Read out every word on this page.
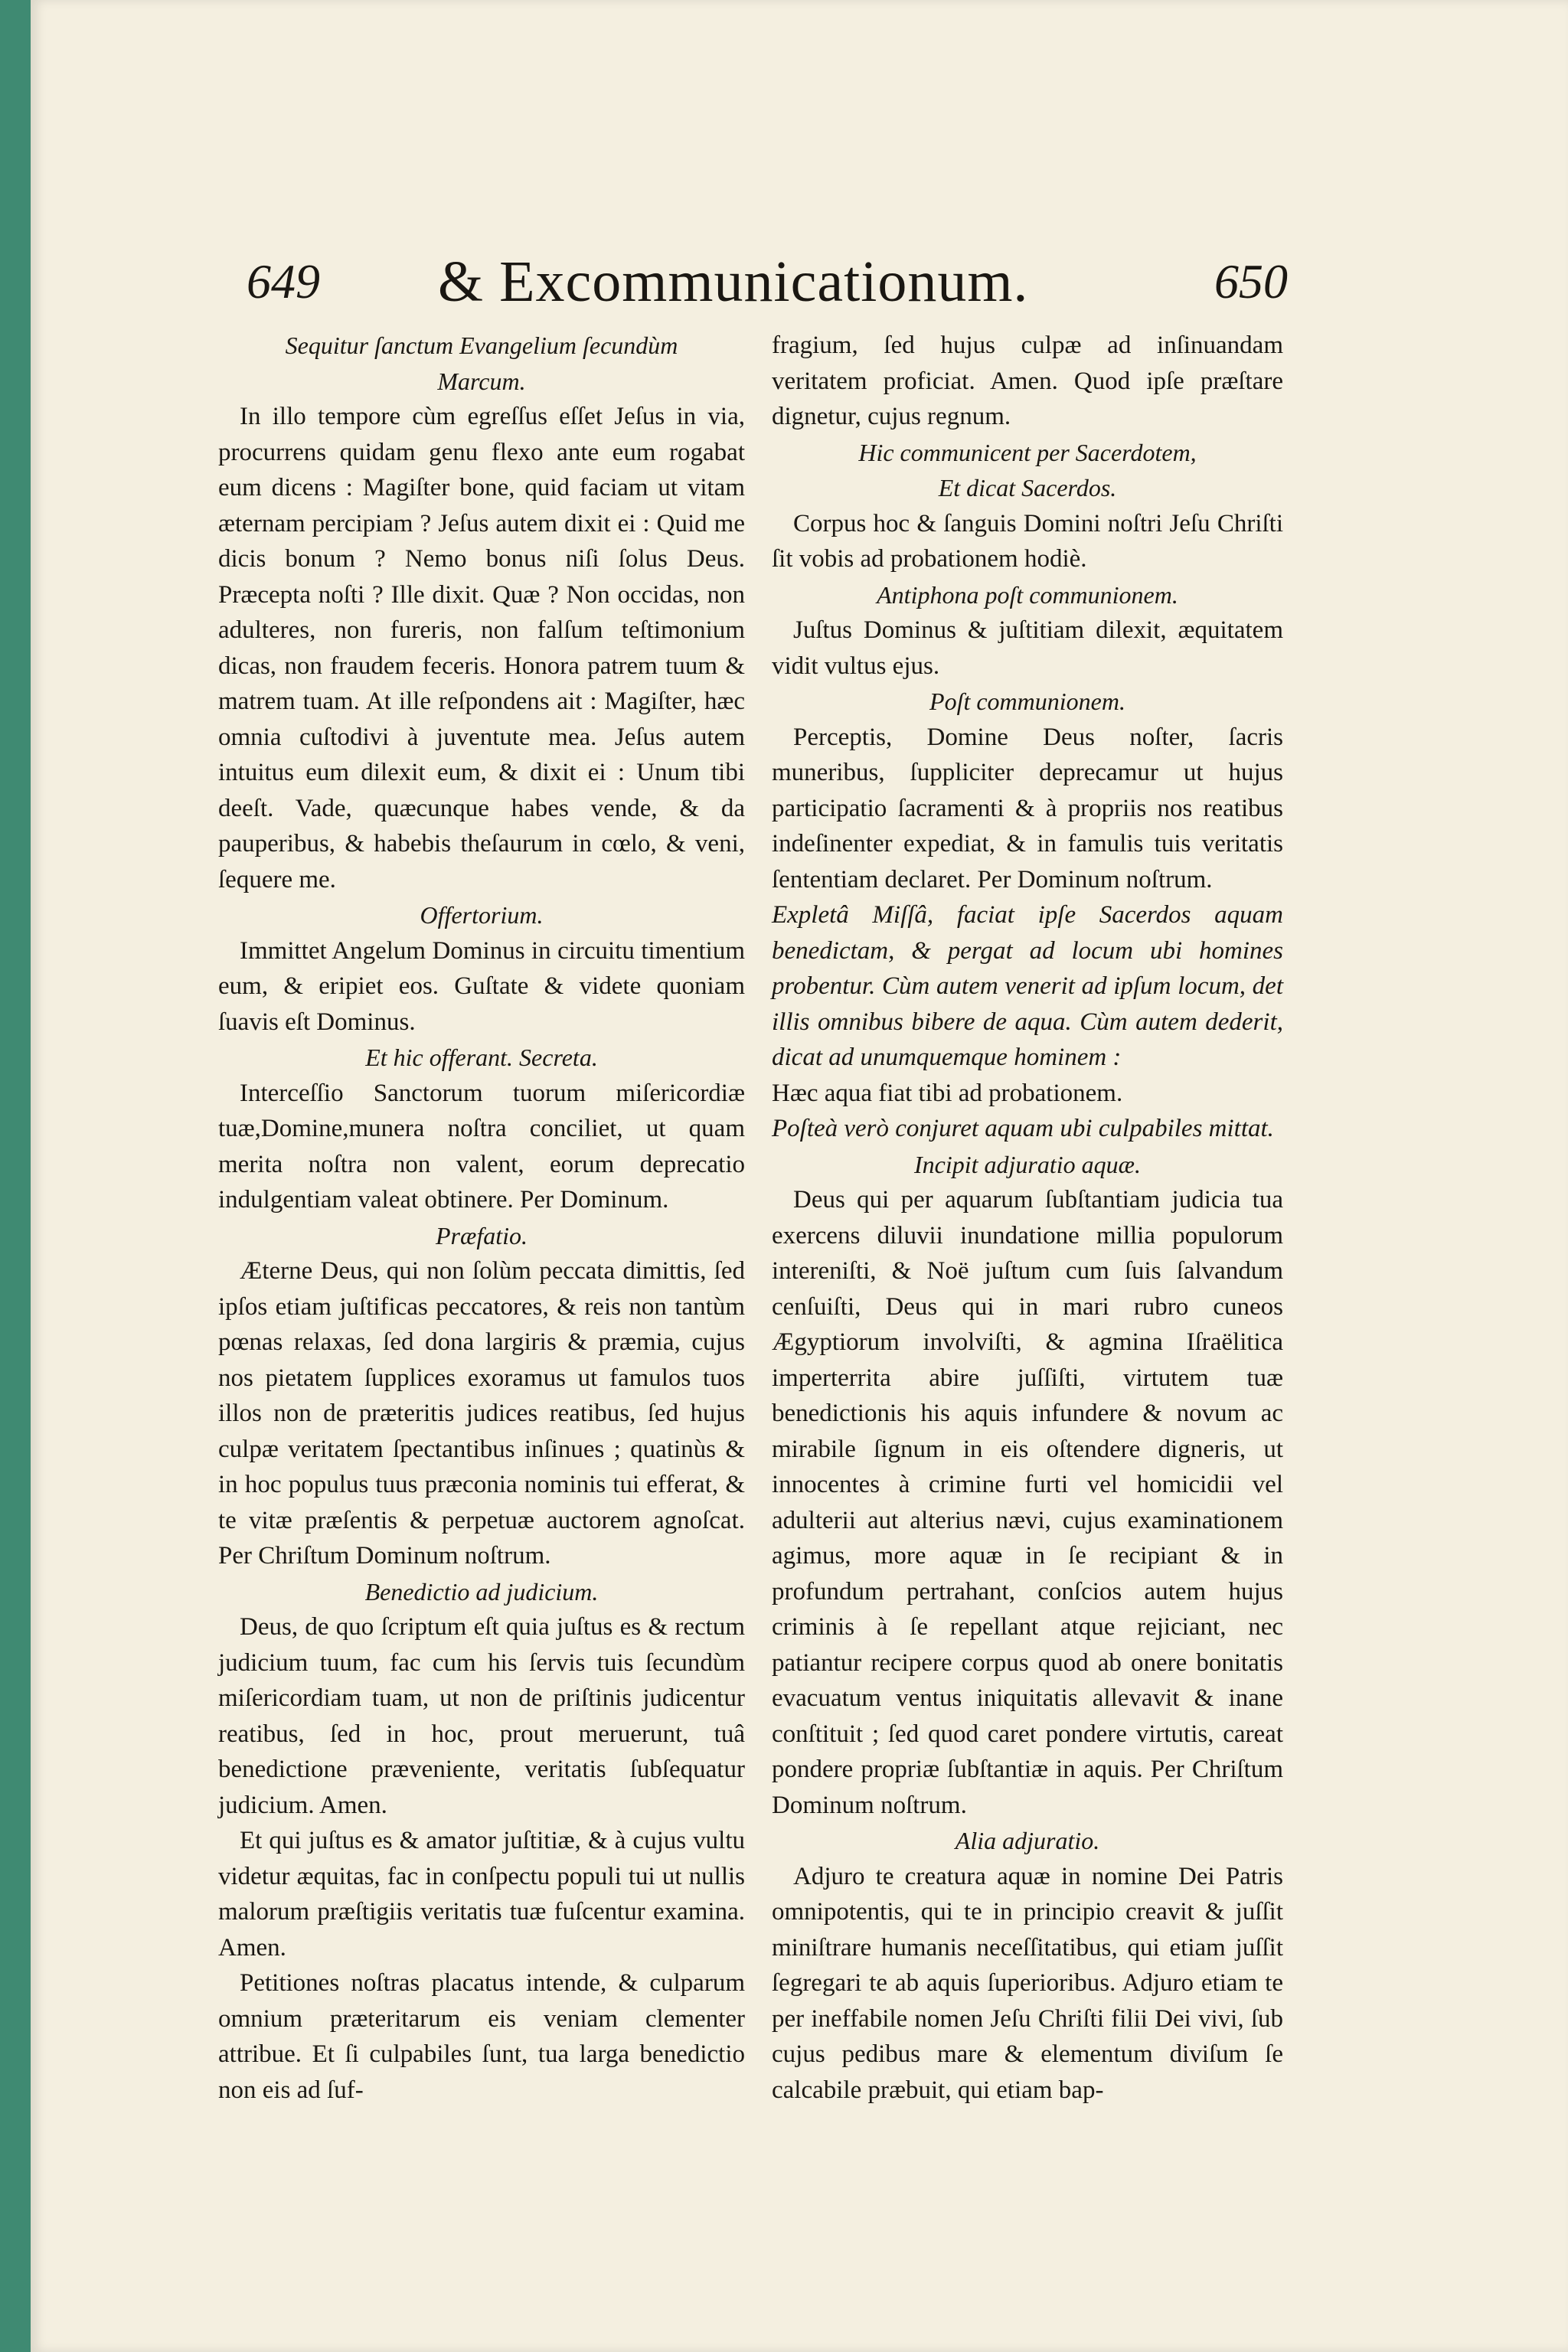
649 & Excommunicationum.	650
Sequitur ſanctum Evangelium ſecundùm
Marcum.

In illo tempore cùm egreſſus eſſet Jeſus in via, procurrens quidam genu flexo ante eum rogabat eum dicens : Magiſter bone, quid faciam ut vitam æternam percipiam ? Jeſus autem dixit ei : Quid me dicis bonum ? Nemo bonus niſi ſolus Deus. Præcepta noſti ? Ille dixit. Quæ ? Non occidas, non adulteres, non fureris, non falſum teſtimonium dicas, non fraudem feceris. Honora patrem tuum & matrem tuam. At ille reſpondens ait : Magiſter, hæc omnia cuſtodivi à juventute mea. Jeſus autem intuitus eum dilexit eum, & dixit ei : Unum tibi deeſt. Vade, quæcunque habes vende, & da pauperibus, & habebis theſaurum in cœlo, & veni, ſequere me.

Offertorium.

Immittet Angelum Dominus in circuitu timentium eum, & eripiet eos. Guſtate & videte quoniam ſuavis eſt Dominus.

Et hic offerant. Secreta.

Interceſſio Sanctorum tuorum miſericordiæ tuæ,Domine,munera noſtra conciliet, ut quam merita noſtra non valent, eorum deprecatio indulgentiam valeat obtinere. Per Dominum.

Præfatio.

Æterne Deus, qui non ſolùm peccata dimittis, ſed ipſos etiam juſtificas peccatores, & reis non tantùm pœnas relaxas, ſed dona largiris & præmia, cujus nos pietatem ſupplices exoramus ut famulos tuos illos non de præteritis judices reatibus, ſed hujus culpæ veritatem ſpectantibus inſinues ; quatinùs & in hoc populus tuus præconia nominis tui efferat, & te vitæ præſentis & perpetuæ auctorem agnoſcat. Per Chriſtum Dominum noſtrum.

Benedictio ad judicium.

Deus, de quo ſcriptum eſt quia juſtus es & rectum judicium tuum, fac cum his ſervis tuis ſecundùm miſericordiam tuam, ut non de priſtinis judicentur reatibus, ſed in hoc, prout meruerunt, tuâ benedictione præveniente, veritatis ſubſequatur judicium. Amen.

Et qui juſtus es & amator juſtitiæ, & à cujus vultu videtur æquitas, fac in conſpectu populi tui ut nullis malorum præſtigiis veritatis tuæ fuſcentur examina. Amen.

Petitiones noſtras placatus intende, & culparum omnium præteritarum eis veniam clementer attribue. Et ſi culpabiles ſunt, tua larga benedictio non eis ad ſuf-

fragium, ſed hujus culpæ ad inſinuandam veritatem proficiat. Amen. Quod ipſe præſtare dignetur, cujus regnum.

Hic communicent per Sacerdotem,
Et dicat Sacerdos.

Corpus hoc & ſanguis Domini noſtri Jeſu Chriſti ſit vobis ad probationem hodiè.

Antiphona poſt communionem.

Juſtus Dominus & juſtitiam dilexit, æquitatem vidit vultus ejus.

Poſt communionem.

Perceptis, Domine Deus noſter, ſacris muneribus, ſuppliciter deprecamur ut hujus participatio ſacramenti & à propriis nos reatibus indeſinenter expediat, & in famulis tuis veritatis ſententiam declaret. Per Dominum noſtrum.

Expletâ Miſſâ, faciat ipſe Sacerdos aquam benedictam, & pergat ad locum ubi homines probentur. Cùm autem venerit ad ipſum locum, det illis omnibus bibere de aqua. Cùm autem dederit, dicat ad unumquemque hominem :

Hæc aqua fiat tibi ad probationem.

Poſteà verò conjuret aquam ubi culpabiles mittat.

Incipit adjuratio aquæ.

Deus qui per aquarum ſubſtantiam judicia tua exercens diluvii inundatione millia populorum intereniſti, & Noë juſtum cum ſuis ſalvandum cenſuiſti, Deus qui in mari rubro cuneos Ægyptiorum involviſti, & agmina Iſraëlitica imperterrita abire juſſiſti, virtutem tuæ benedictionis his aquis infundere & novum ac mirabile ſignum in eis oſtendere digneris, ut innocentes à crimine furti vel homicidii vel adulterii aut alterius nævi, cujus examinationem agimus, more aquæ in ſe recipiant & in profundum pertrahant, conſcios autem hujus criminis à ſe repellant atque rejiciant, nec patiantur recipere corpus quod ab onere bonitatis evacuatum ventus iniquitatis allevavit & inane conſtituit ; ſed quod caret pondere virtutis, careat pondere propriæ ſubſtantiæ in aquis. Per Chriſtum Dominum noſtrum.

Alia adjuratio.

Adjuro te creatura aquæ in nomine Dei Patris omnipotentis, qui te in principio creavit & juſſit miniſtrare humanis neceſſitatibus, qui etiam juſſit ſegregari te ab aquis ſuperioribus. Adjuro etiam te per ineffabile nomen Jeſu Chriſti filii Dei vivi, ſub cujus pedibus mare & elementum diviſum ſe calcabile præbuit, qui etiam bap-
